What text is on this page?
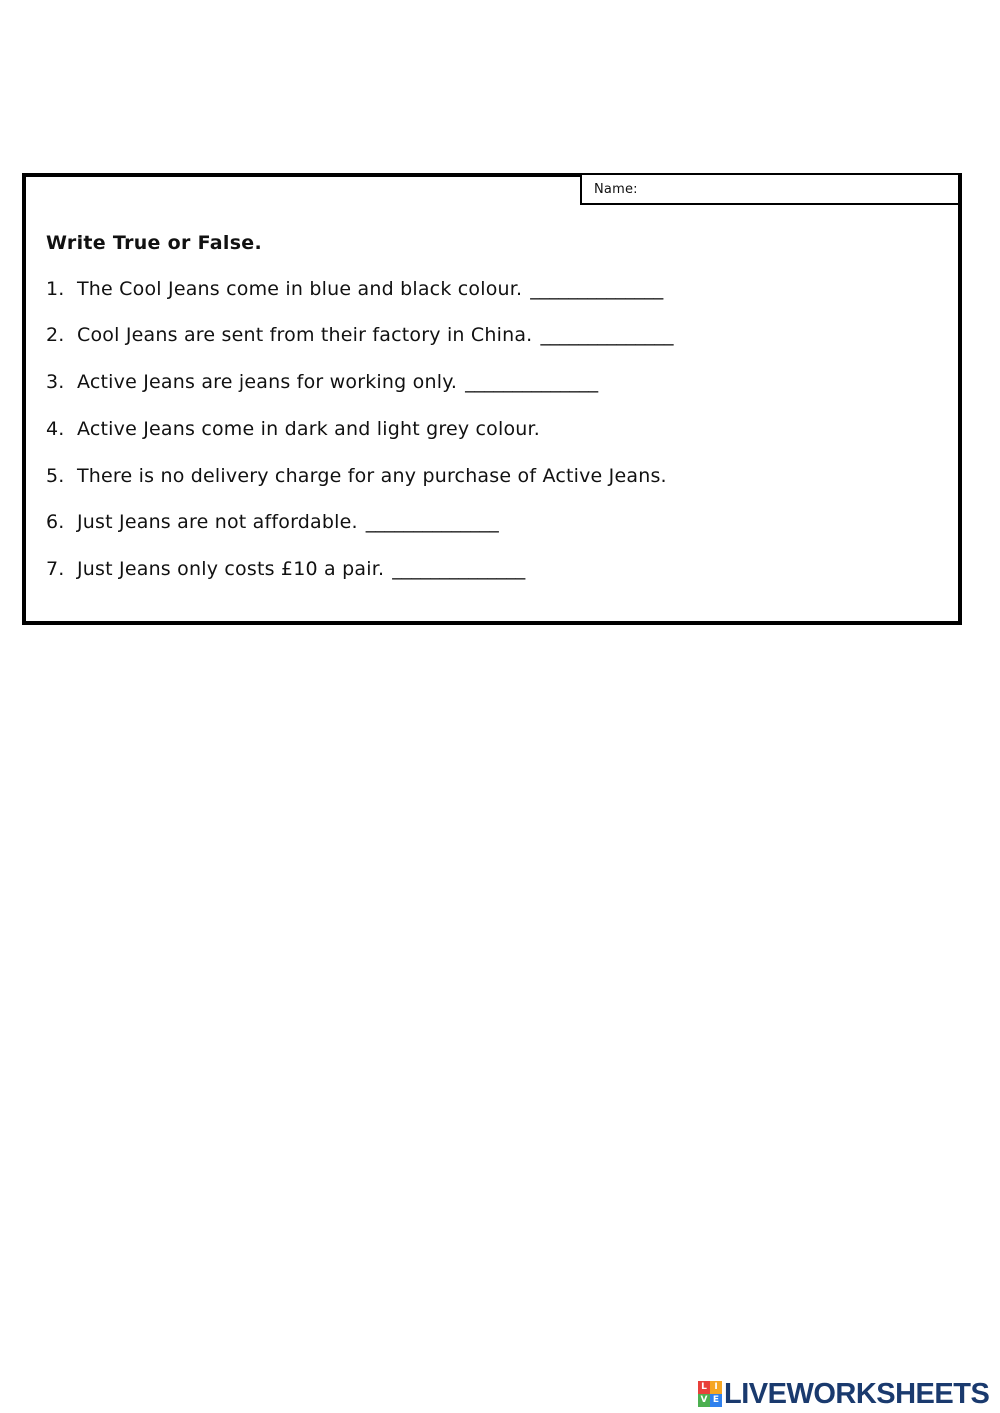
Name:
Write True or False.
1. The Cool Jeans come in blue and black colour. ______________
2. Cool Jeans are sent from their factory in China. ______________
3. Active Jeans are jeans for working only. ______________
4. Active Jeans come in dark and light grey colour.
5. There is no delivery charge for any purchase of Active Jeans.
6. Just Jeans are not affordable. ______________
7. Just Jeans only costs £10 a pair. ______________
L I
V E LIVEWORKSHEETS
